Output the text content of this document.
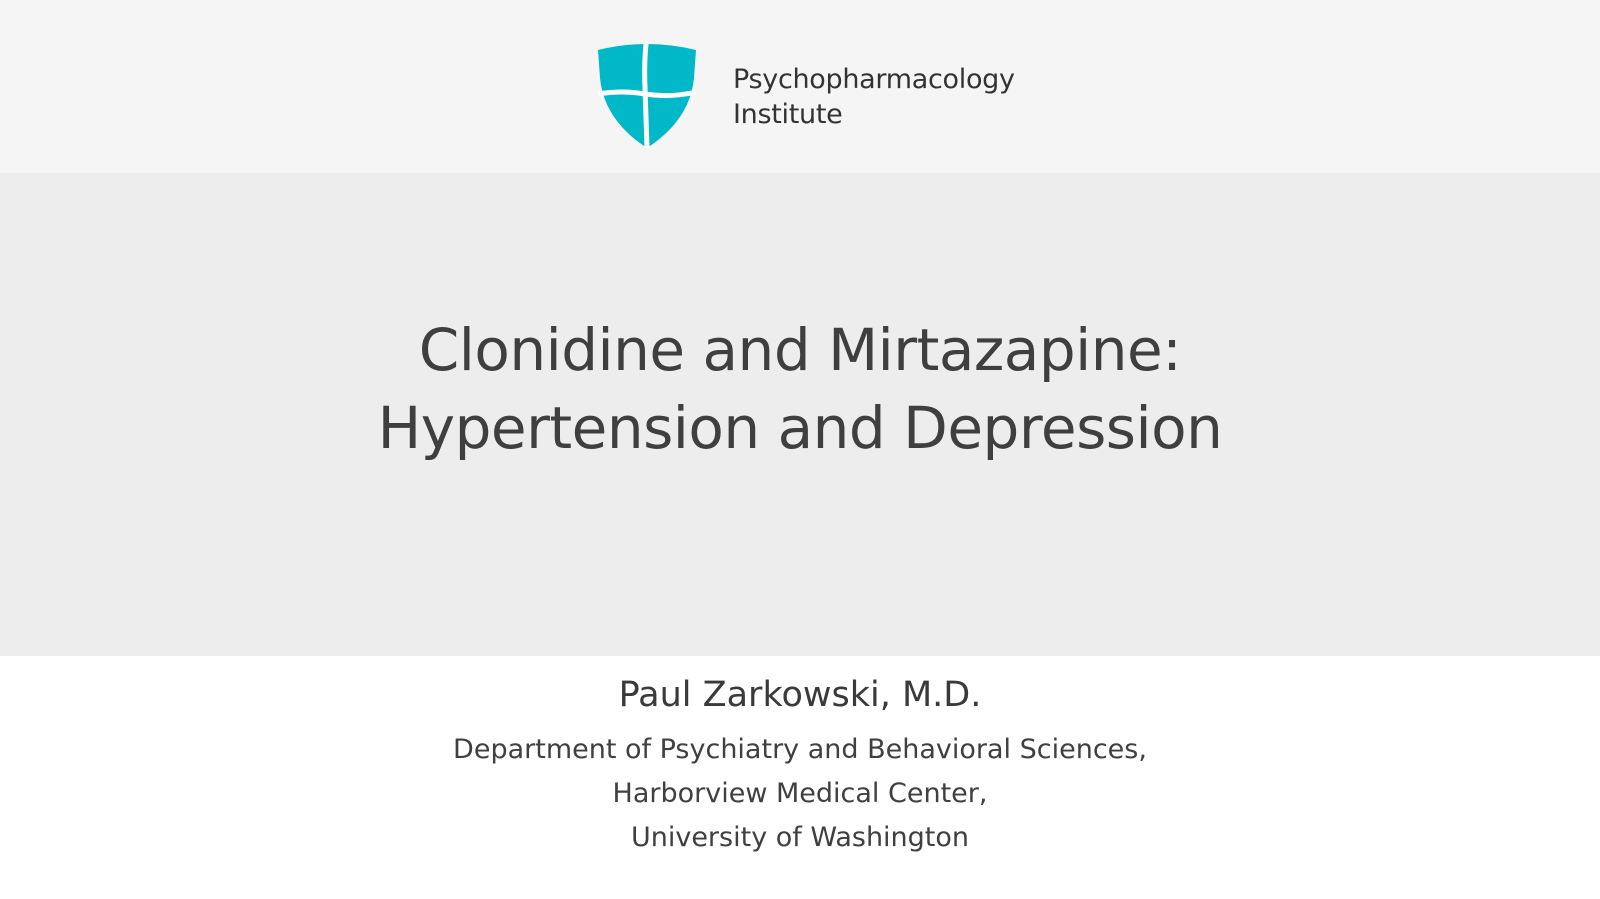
Psychopharmacology
Institute
Clonidine and Mirtazapine:
Hypertension and Depression
Paul Zarkowski, M.D.
Department of Psychiatry and Behavioral Sciences,
Harborview Medical Center,
University of Washington
